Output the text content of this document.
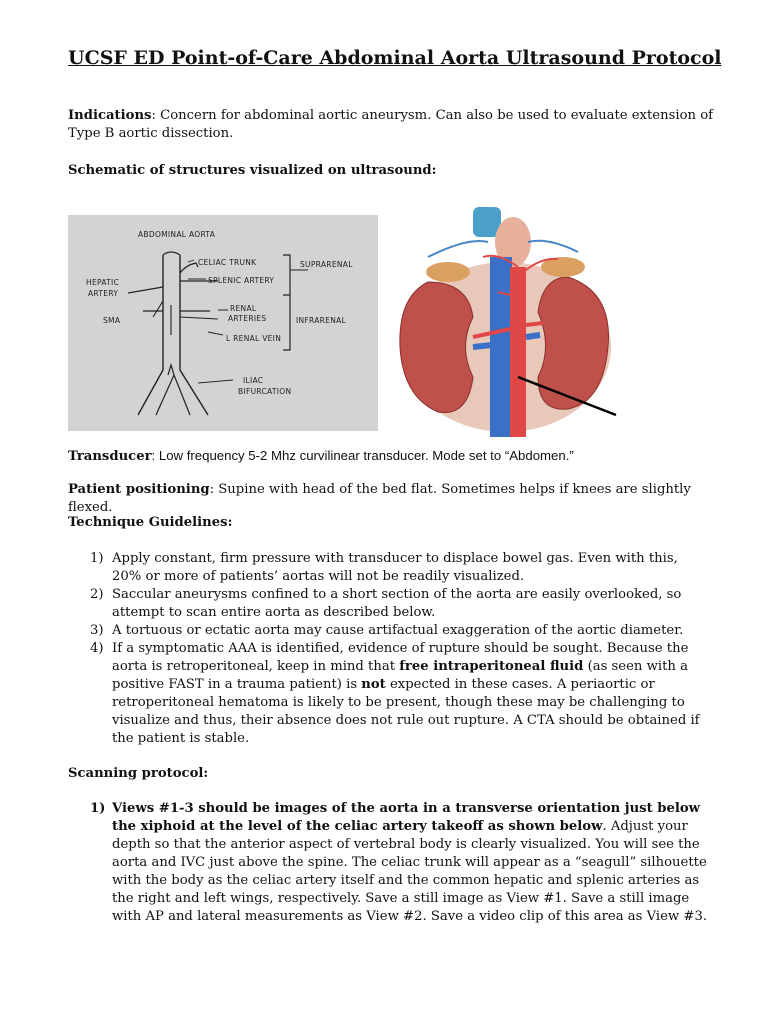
UCSF ED Point-of-Care Abdominal Aorta Ultrasound Protocol
Indications: Concern for abdominal aortic aneurysm. Can also be used to evaluate extension of Type B aortic dissection.
Schematic of structures visualized on ultrasound:
ABDOMINAL AORTA
CELIAC TRUNK
SPLENIC ARTERY
HEPATIC
ARTERY
SMA
RENAL
ARTERIES
L RENAL VEIN
ILIAC
BIFURCATION
SUPRARENAL
INFRARENAL
Transducer: Low frequency 5-2 Mhz curvilinear transducer. Mode set to “Abdomen.”
Patient positioning: Supine with head of the bed flat. Sometimes helps if knees are slightly flexed.
Technique Guidelines:
1) Apply constant, firm pressure with transducer to displace bowel gas. Even with this, 20% or more of patients’ aortas will not be readily visualized.
2) Saccular aneurysms confined to a short section of the aorta are easily overlooked, so attempt to scan entire aorta as described below.
3) A tortuous or ectatic aorta may cause artifactual exaggeration of the aortic diameter.
4) If a symptomatic AAA is identified, evidence of rupture should be sought. Because the aorta is retroperitoneal, keep in mind that free intraperitoneal fluid (as seen with a positive FAST in a trauma patient) is not expected in these cases. A periaortic or retroperitoneal hematoma is likely to be present, though these may be challenging to visualize and thus, their absence does not rule out rupture. A CTA should be obtained if the patient is stable.
Scanning protocol:
1) Views #1-3 should be images of the aorta in a transverse orientation just below the xiphoid at the level of the celiac artery takeoff as shown below. Adjust your depth so that the anterior aspect of vertebral body is clearly visualized. You will see the aorta and IVC just above the spine. The celiac trunk will appear as a “seagull” silhouette with the body as the celiac artery itself and the common hepatic and splenic arteries as the right and left wings, respectively. Save a still image as View #1. Save a still image with AP and lateral measurements as View #2. Save a video clip of this area as View #3.
